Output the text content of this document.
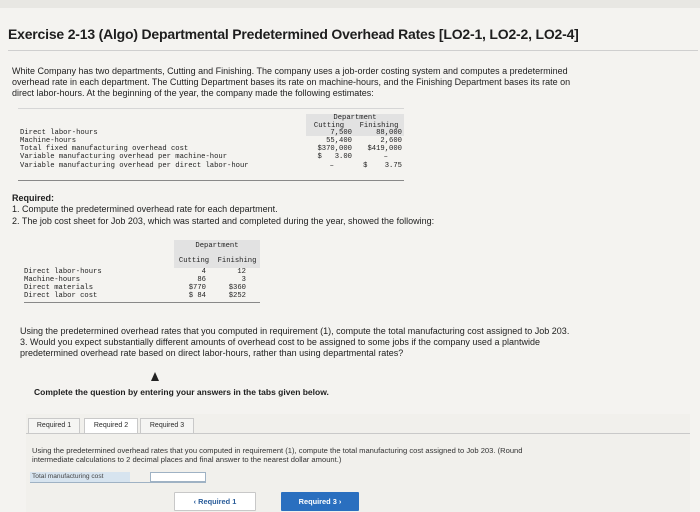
Exercise 2-13 (Algo) Departmental Predetermined Overhead Rates [LO2-1, LO2-2, LO2-4]
White Company has two departments, Cutting and Finishing. The company uses a job-order costing system and computes a predetermined overhead rate in each department. The Cutting Department bases its rate on machine-hours, and the Finishing Department bases its rate on direct labor-hours. At the beginning of the year, the company made the following estimates:
Department
Cutting	Finishing
Direct labor-hours	7,500	88,000
Machine-hours	55,400	2,600
Total fixed manufacturing overhead cost	$370,000	$419,000
Variable manufacturing overhead per machine-hour	$   3.00	–
Variable manufacturing overhead per direct labor-hour	–	$    3.75
Required:
1. Compute the predetermined overhead rate for each department.
2. The job cost sheet for Job 203, which was started and completed during the year, showed the following:
Department
Cutting	Finishing
Direct labor-hours	4	12
Machine-hours	86	3
Direct materials	$770	$360
Direct labor cost	$ 84	$252
Using the predetermined overhead rates that you computed in requirement (1), compute the total manufacturing cost assigned to Job 203.
3. Would you expect substantially different amounts of overhead cost to be assigned to some jobs if the company used a plantwide predetermined overhead rate based on direct labor-hours, rather than using departmental rates?
Complete the question by entering your answers in the tabs given below.
Required 1	Required 2	Required 3
Using the predetermined overhead rates that you computed in requirement (1), compute the total manufacturing cost assigned to Job 203. (Round intermediate calculations to 2 decimal places and final answer to the nearest dollar amount.)
Total manufacturing cost
‹ Required 1	Required 3 ›
